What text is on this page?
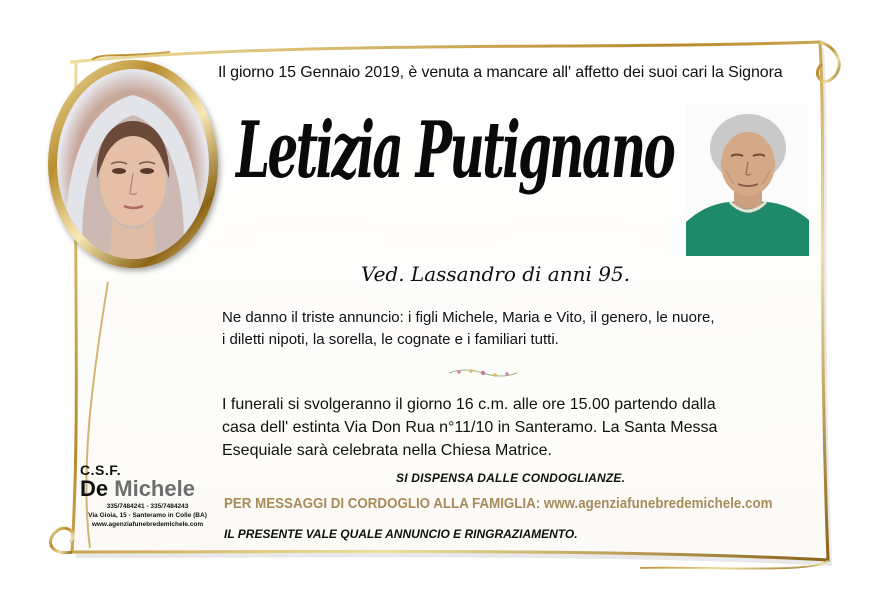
Il giorno 15 Gennaio 2019, è venuta a mancare all' affetto dei suoi cari la Signora
Letizia Putignano
Ved. Lassandro di anni 95.
Ne danno il triste annuncio: i figli Michele, Maria e Vito, il genero, le nuore,
i diletti nipoti, la sorella, le cognate e i familiari tutti.
I funerali si svolgeranno il giorno 16 c.m. alle ore 15.00 partendo dalla
casa dell' estinta Via Don Rua n°11/10 in Santeramo. La Santa Messa
Esequiale sarà celebrata nella Chiesa Matrice.
SI DISPENSA DALLE CONDOGLIANZE.
PER MESSAGGI DI CORDOGLIO ALLA FAMIGLIA: www.agenziafunebredemichele.com
IL PRESENTE VALE QUALE ANNUNCIO E RINGRAZIAMENTO.
C.S.F.
De Michele
335/7484241 - 335/7484243
Via Gioia, 15 - Santeramo in Colle (BA)
www.agenziafunebredemichele.com
